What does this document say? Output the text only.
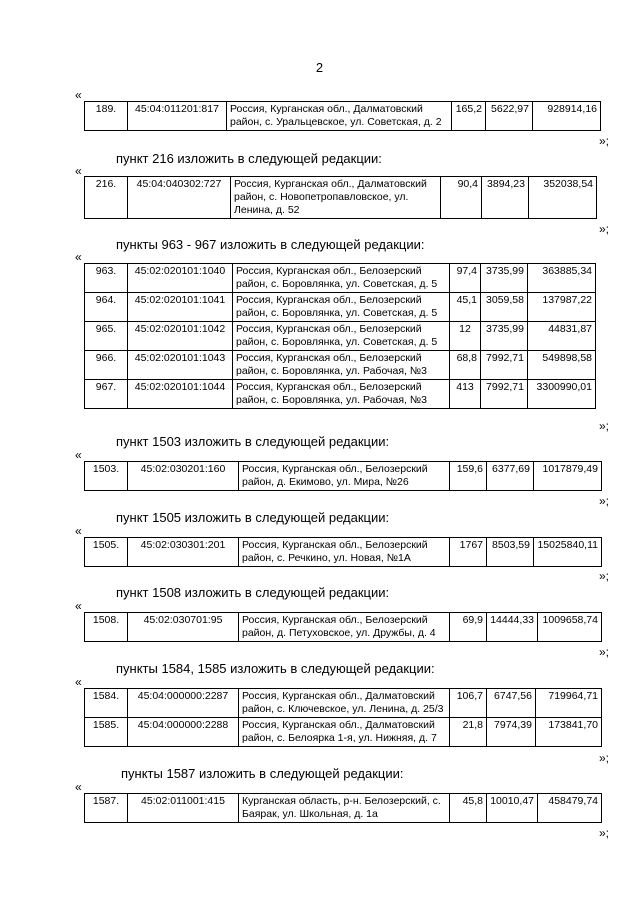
2
«
189.	45:04:011201:817	Россия, Курганская обл., Далматовский район, с. Уральцевское, ул. Советская, д. 2	165,2	5622,97	928914,16
»;
пункт 216 изложить в следующей редакции:
«
216.	45:04:040302:727	Россия, Курганская обл., Далматовский район, с. Новопетропавловское, ул. Ленина, д. 52	90,4	3894,23	352038,54
»;
пункты 963 - 967 изложить в следующей редакции:
«
963.	45:02:020101:1040	Россия, Курганская обл., Белозерский район, с. Боровлянка, ул. Советская, д. 5	97,4	3735,99	363885,34
964.	45:02:020101:1041	Россия, Курганская обл., Белозерский район, с. Боровлянка, ул. Советская, д. 5	45,1	3059,58	137987,22
965.	45:02:020101:1042	Россия, Курганская обл., Белозерский район, с. Боровлянка, ул. Советская, д. 5	12	3735,99	44831,87
966.	45:02:020101:1043	Россия, Курганская обл., Белозерский район, с. Боровлянка, ул. Рабочая, №3	68,8	7992,71	549898,58
967.	45:02:020101:1044	Россия, Курганская обл., Белозерский район, с. Боровлянка, ул. Рабочая, №3	413	7992,71	3300990,01
»;
пункт 1503 изложить в следующей редакции:
«
1503.	45:02:030201:160	Россия, Курганская обл., Белозерский район, д. Екимово, ул. Мира, №26	159,6	6377,69	1017879,49
»;
пункт 1505 изложить в следующей редакции:
«
1505.	45:02:030301:201	Россия, Курганская обл., Белозерский район, с. Речкино, ул. Новая, №1А	1767	8503,59	15025840,11
»;
пункт 1508 изложить в следующей редакции:
«
1508.	45:02:030701:95	Россия, Курганская обл., Белозерский район, д. Петуховское, ул. Дружбы, д. 4	69,9	14444,33	1009658,74
»;
пункты 1584, 1585 изложить в следующей редакции:
«
1584.	45:04:000000:2287	Россия, Курганская обл., Далматовский район, с. Ключевское, ул. Ленина, д. 25/3	106,7	6747,56	719964,71
1585.	45:04:000000:2288	Россия, Курганская обл., Далматовский район, с. Белоярка 1-я, ул. Нижняя, д. 7	21,8	7974,39	173841,70
»;
пункты 1587 изложить в следующей редакции:
«
1587.	45:02:011001:415	Курганская область, р-н. Белозерский, с. Баярак, ул. Школьная, д. 1а	45,8	10010,47	458479,74
»;
